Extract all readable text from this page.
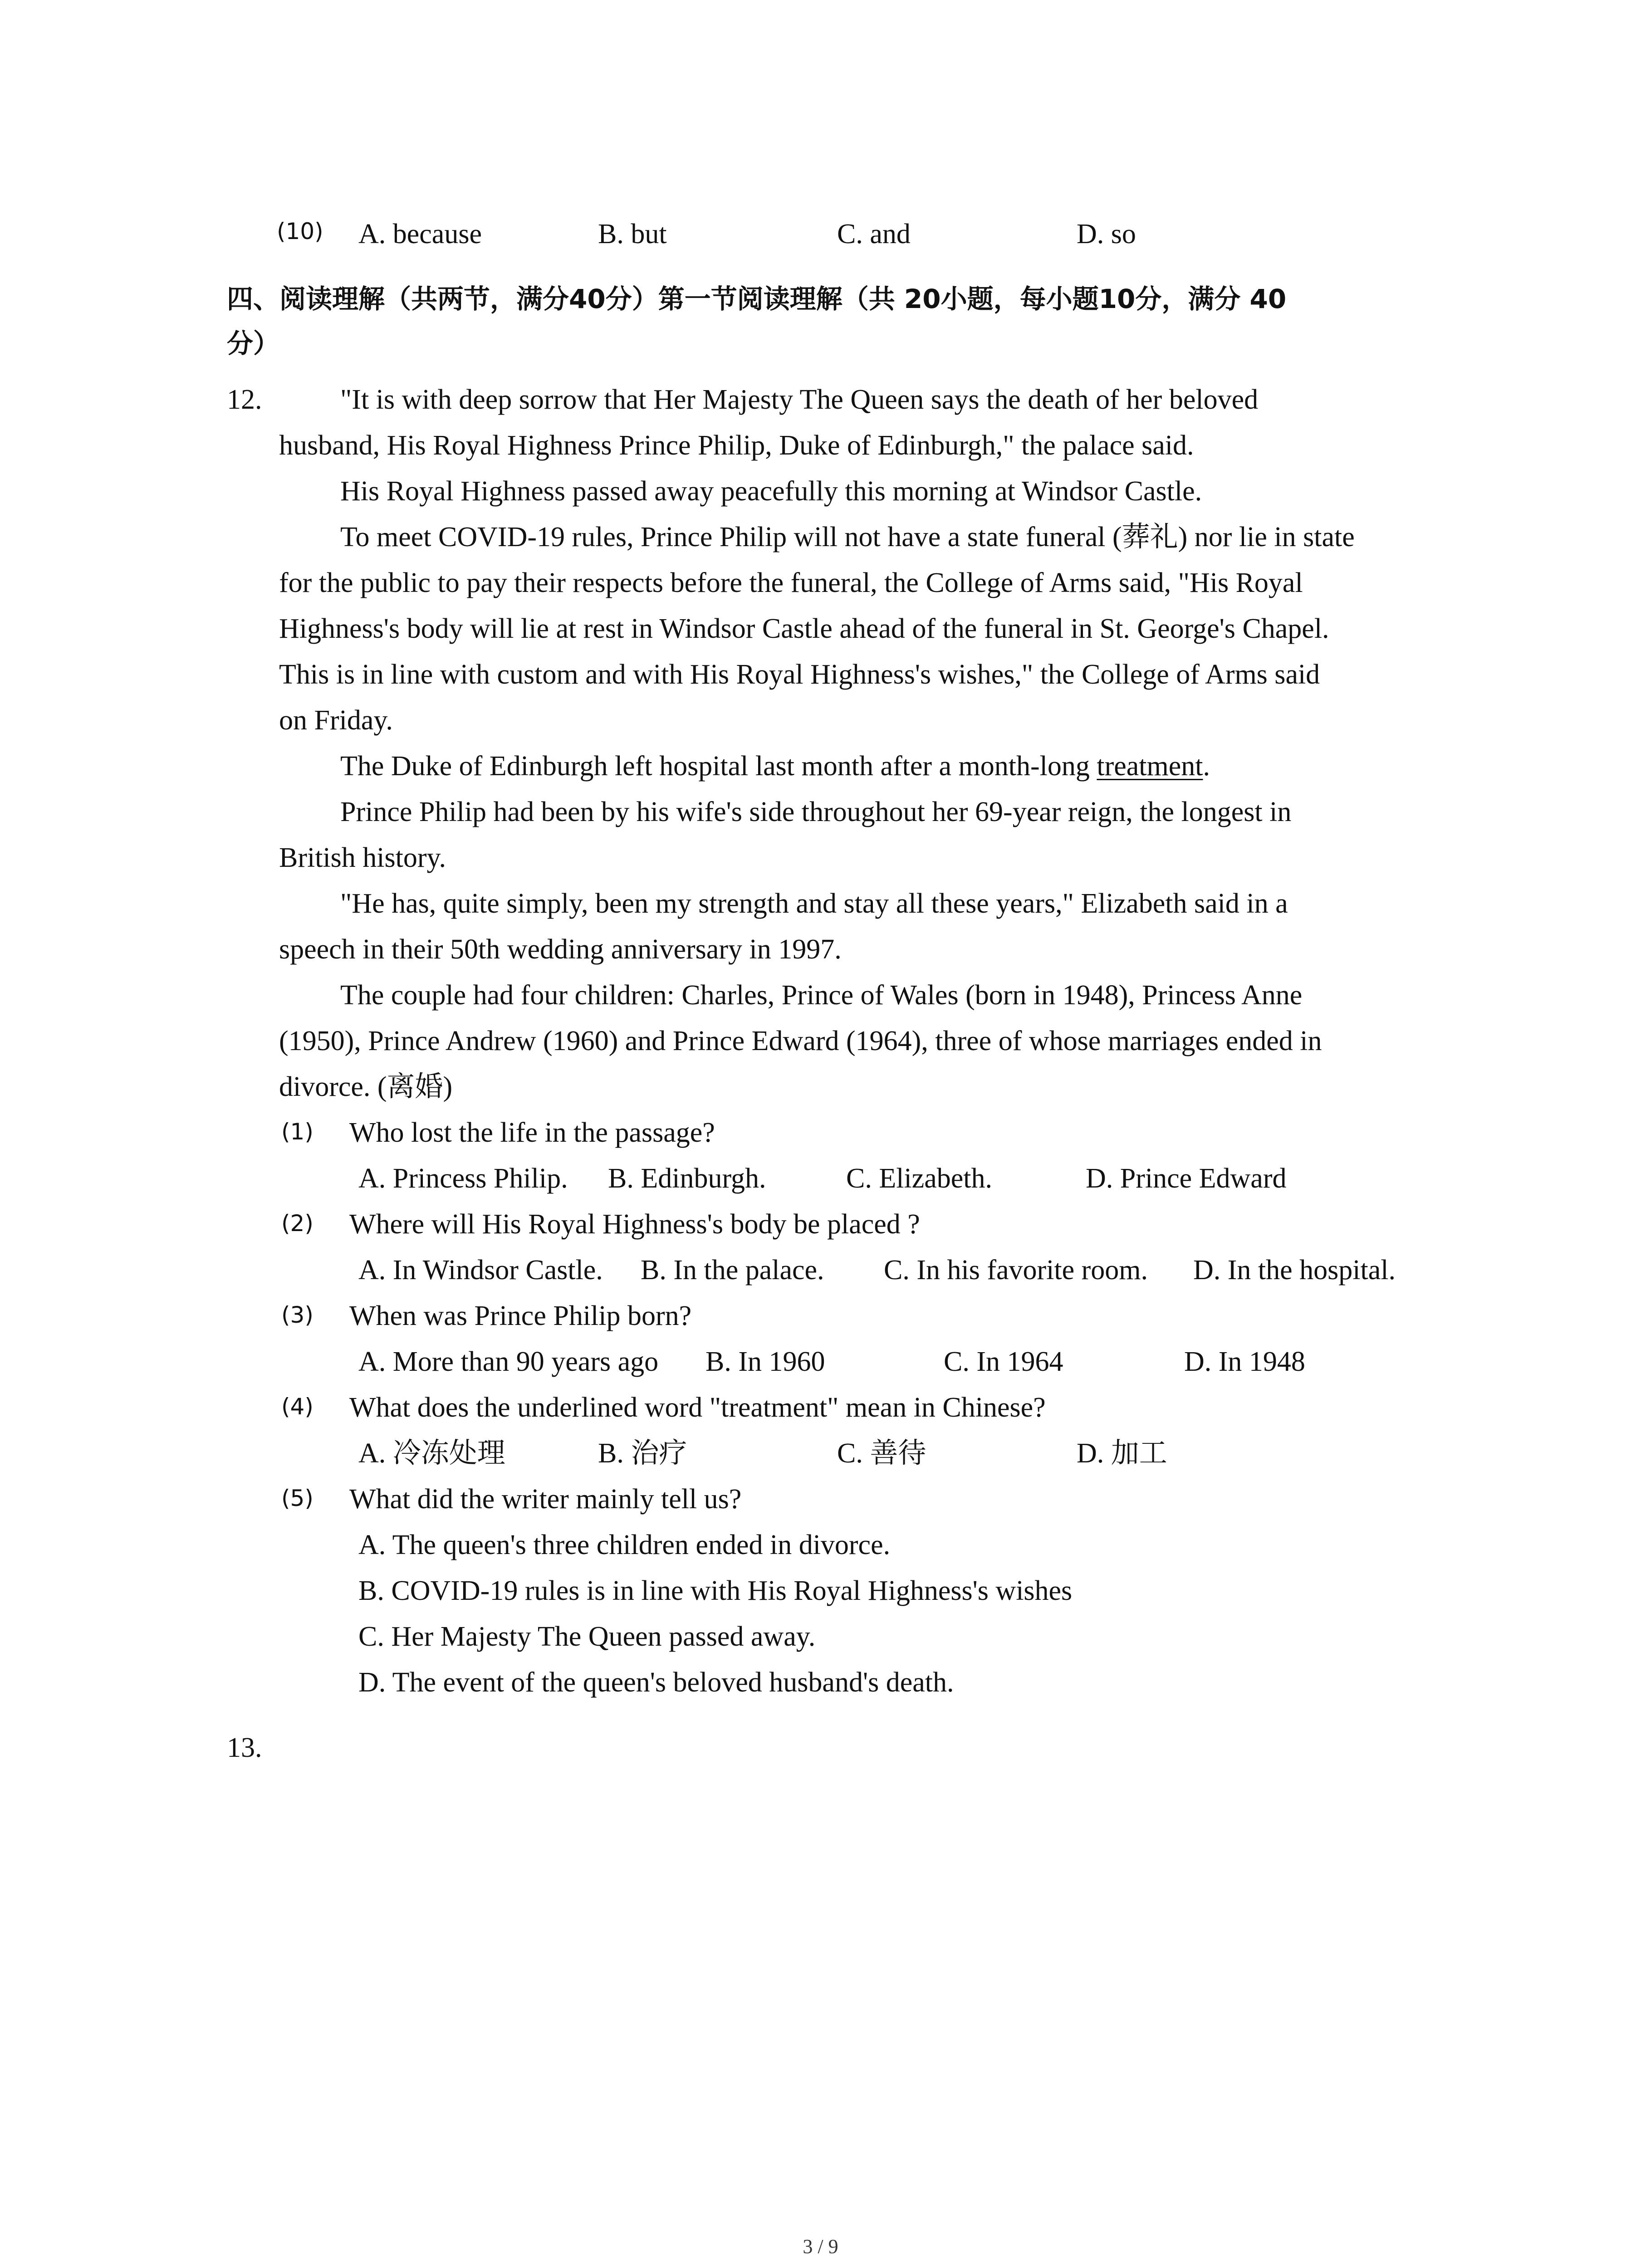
(10) A. because	B. but	C. and	D. so
四、阅读理解（共两节，满分40分）第一节阅读理解（共 20小题，每小题10分，满分 40
分）
12.	"It is with deep sorrow that Her Majesty The Queen says the death of her beloved
husband, His Royal Highness Prince Philip, Duke of Edinburgh," the palace said.
His Royal Highness passed away peacefully this morning at Windsor Castle.
To meet COVID-19 rules, Prince Philip will not have a state funeral (葬礼) nor lie in state
for the public to pay their respects before the funeral, the College of Arms said, "His Royal
Highness's body will lie at rest in Windsor Castle ahead of the funeral in St. George's Chapel.
This is in line with custom and with His Royal Highness's wishes," the College of Arms said
on Friday.
The Duke of Edinburgh left hospital last month after a month-long treatment.
Prince Philip had been by his wife's side throughout her 69-year reign, the longest in
British history.
"He has, quite simply, been my strength and stay all these years," Elizabeth said in a
speech in their 50th wedding anniversary in 1997.
The couple had four children: Charles, Prince of Wales (born in 1948), Princess Anne
(1950), Prince Andrew (1960) and Prince Edward (1964), three of whose marriages ended in
divorce. (离婚)
(1) Who lost the life in the passage?
A. Princess Philip. B. Edinburgh.	C. Elizabeth.	D. Prince Edward
(2) Where will His Royal Highness's body be placed ?
A. In Windsor Castle. B. In the palace. C. In his favorite room. D. In the hospital.
(3) When was Prince Philip born?
A. More than 90 years ago B. In 1960	C. In 1964	D. In 1948
(4) What does the underlined word "treatment" mean in Chinese?
A. 冷冻处理	B. 治疗	C. 善待	D. 加工
(5) What did the writer mainly tell us?
A. The queen's three children ended in divorce.
B. COVID-19 rules is in line with His Royal Highness's wishes
C. Her Majesty The Queen passed away.
D. The event of the queen's beloved husband's death.
13.
3 / 9
